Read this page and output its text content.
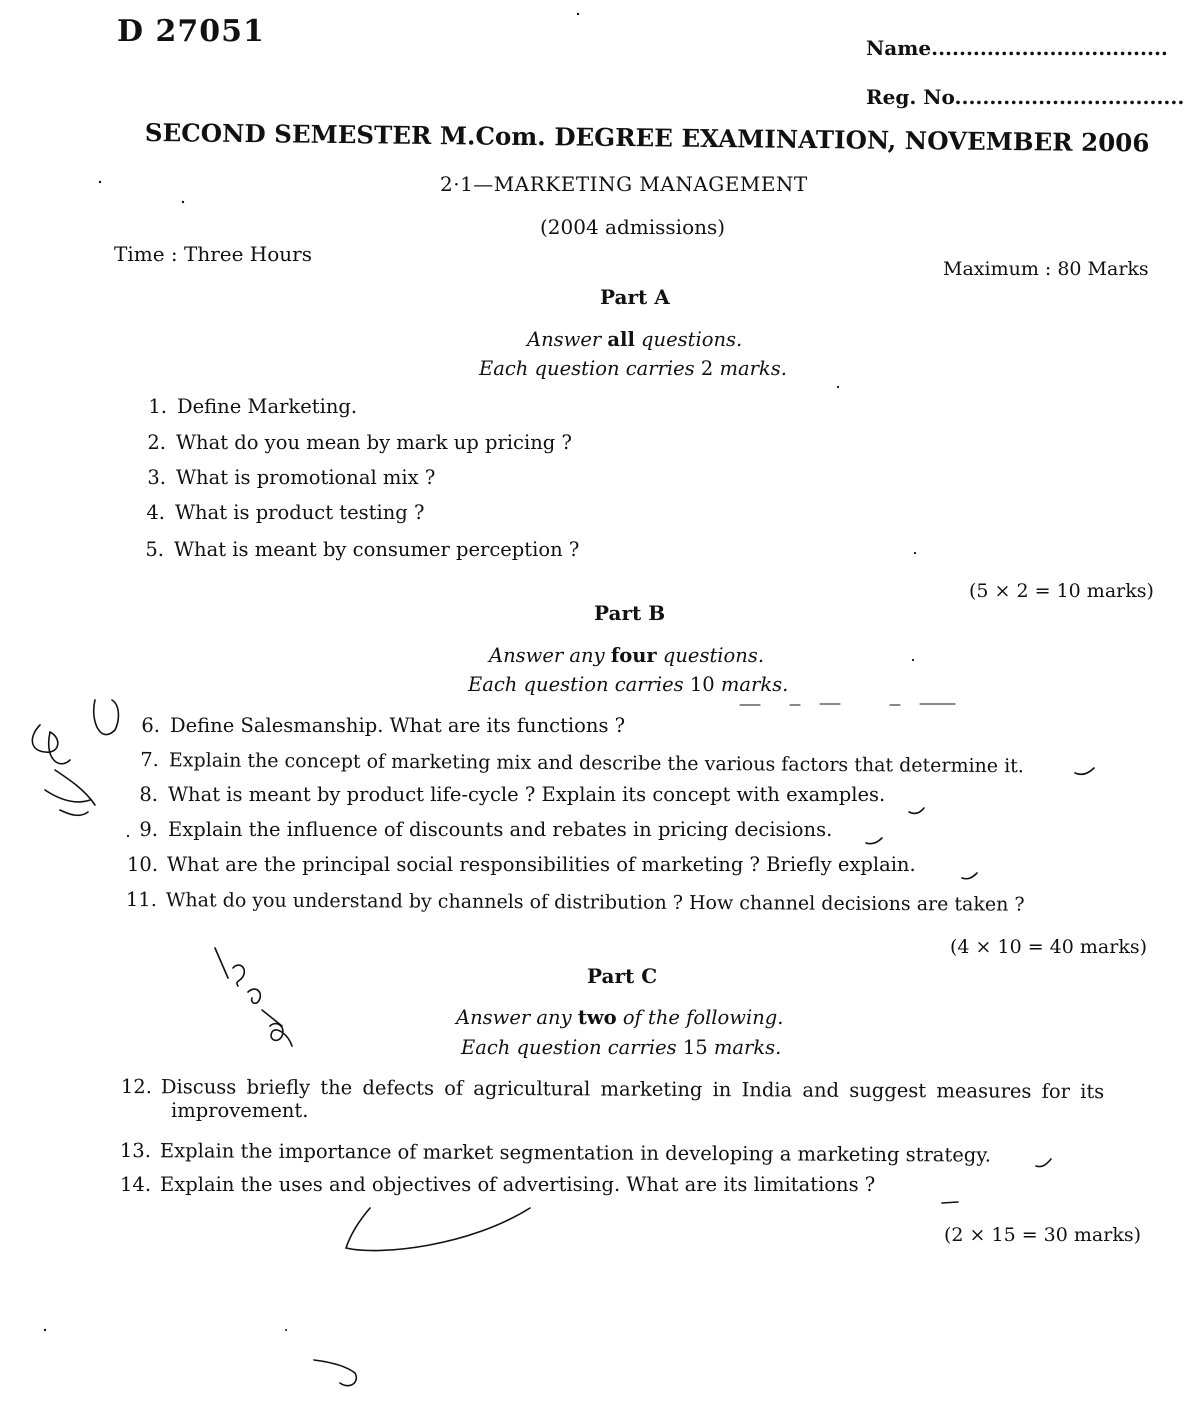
D 27051	Name..................................
Reg. No.................................
SECOND SEMESTER M.Com. DEGREE EXAMINATION, NOVEMBER 2006
2·1—MARKETING MANAGEMENT
(2004 admissions)
Time : Three Hours
Maximum : 80 Marks
Part A
Answer all questions.
Each question carries 2 marks.
1. Define Marketing.
2. What do you mean by mark up pricing ?
3. What is promotional mix ?
4. What is product testing ?
5. What is meant by consumer perception ?
(5 × 2 = 10 marks)
Part B
Answer any four questions.
Each question carries 10 marks.
6. Define Salesmanship. What are its functions ?
7. Explain the concept of marketing mix and describe the various factors that determine it.
8. What is meant by product life-cycle ? Explain its concept with examples.
9. Explain the influence of discounts and rebates in pricing decisions.
10. What are the principal social responsibilities of marketing ? Briefly explain.
11. What do you understand by channels of distribution ? How channel decisions are taken ?
(4 × 10 = 40 marks)
Part C
Answer any two of the following.
Each question carries 15 marks.
12. Discuss briefly the defects of agricultural marketing in India and suggest measures for its
improvement.
13. Explain the importance of market segmentation in developing a marketing strategy.
14. Explain the uses and objectives of advertising. What are its limitations ?
(2 × 15 = 30 marks)
